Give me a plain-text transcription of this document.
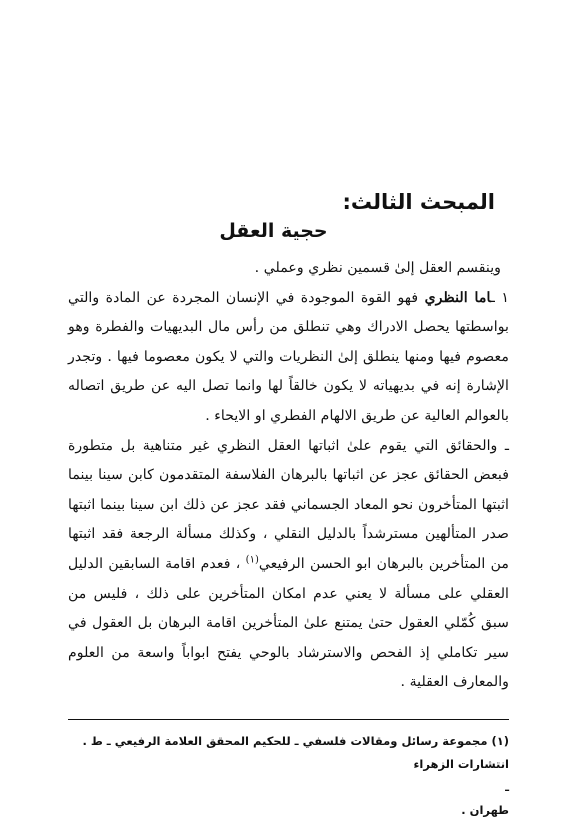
المبحث الثالث:
حجية العقل

وينقسم العقل إلىٰ قسمين نظري وعملي .

١ ـاما النظري فهو القوة الموجودة في الإنسان المجردة عن المادة والتي بواسطتها يحصل الادراك وهي تنطلق من رأس مال البديهيات والفطرة وهو معصوم فيها ومنها ينطلق إلىٰ النظريات والتي لا يكون معصوما فيها . وتجدر الإشارة إنه في بديهياته لا يكون خالقاً لها وانما تصل اليه عن طريق اتصاله بالعوالم العالية عن طريق الالهام الفطري او الايحاء .

ـ والحقائق التي يقوم علىٰ اثباتها العقل النظري غير متناهية بل متطورة فبعض الحقائق عجز عن اثباتها بالبرهان الفلاسفة المتقدمون كابن سينا بينما اثبتها المتأخرون نحو المعاد الجسماني فقد عجز عن ذلك ابن سينا بينما اثبتها صدر المتألهين مسترشداً بالدليل النقلي ، وكذلك مسألة الرجعة فقد اثبتها من المتأخرين بالبرهان ابو الحسن الرفيعي$^{(١)}$ ، فعدم اقامة السابقين الدليل العقلي على مسألة لا يعني عدم امكان المتأخرين على ذلك ، فليس من سبق كُمّلي العقول حتىٰ يمتنع علىٰ المتأخرين اقامة البرهان بل العقول في سير تكاملي إذ الفحص والاسترشاد بالوحي يفتح ابواباً واسعة من العلوم والمعارف العقلية .

(١) مجموعة رسائل ومقالات فلسفي ـ للحكيم المحقق العلامة الرفيعي ـ ط . انتشارات الزهراء
ـ
طهران .
